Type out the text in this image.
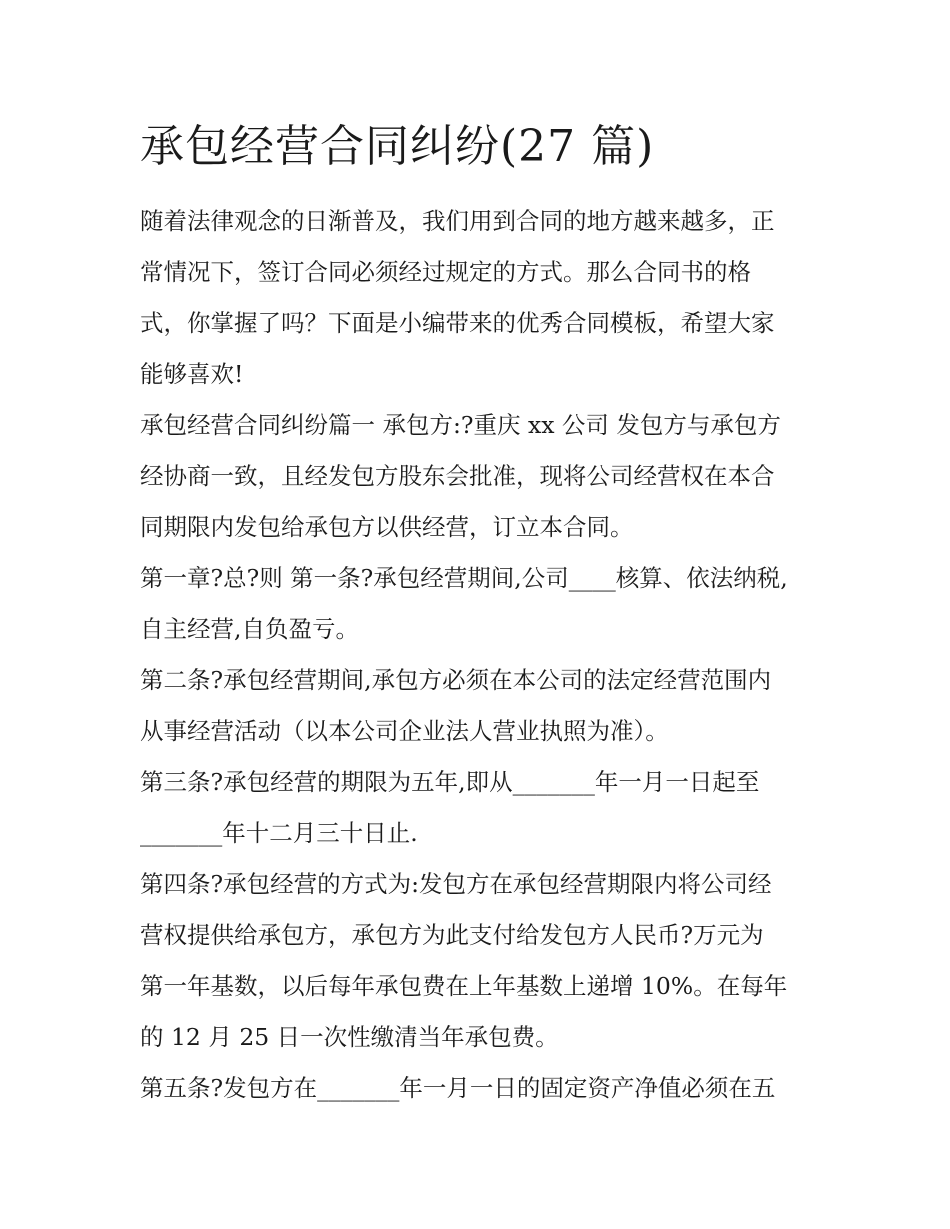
承包经营合同纠纷(27 篇)

随着法律观念的日渐普及，我们用到合同的地方越来越多，正

常情况下，签订合同必须经过规定的方式。那么合同书的格

式，你掌握了吗？下面是小编带来的优秀合同模板，希望大家

能够喜欢!

承包经营合同纠纷篇一 承包方:?重庆 xx 公司 发包方与承包方

经协商一致，且经发包方股东会批准，现将公司经营权在本合

同期限内发包给承包方以供经营，订立本合同。

第一章?总?则 第一条?承包经营期间,公司____核算、依法纳税,

自主经营,自负盈亏。

第二条?承包经营期间,承包方必须在本公司的法定经营范围内

从事经营活动（以本公司企业法人营业执照为准）。

第三条?承包经营的期限为五年,即从_______年一月一日起至

_______年十二月三十日止.

第四条?承包经营的方式为:发包方在承包经营期限内将公司经

营权提供给承包方，承包方为此支付给发包方人民币?万元为

第一年基数，以后每年承包费在上年基数上递增 10%。在每年

的 12 月 25 日一次性缴清当年承包费。

第五条?发包方在_______年一月一日的固定资产净值必须在五
